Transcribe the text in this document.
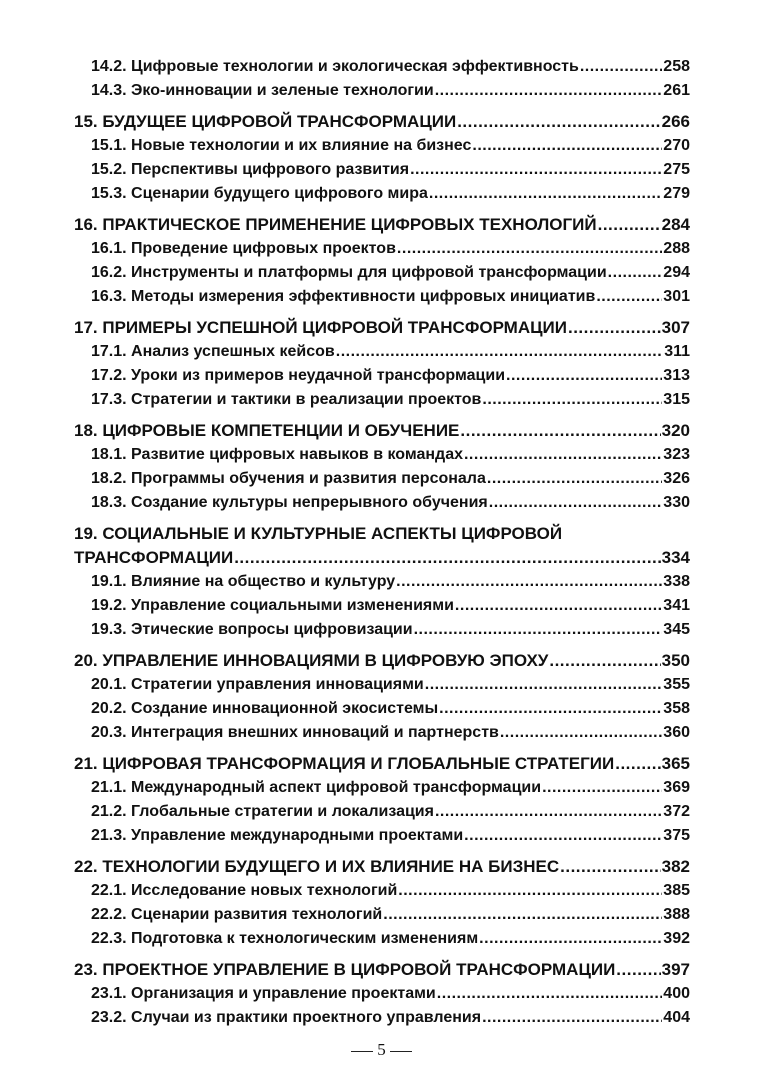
14.2. Цифровые технологии и экологическая эффективность .....	258
14.3. Эко-инновации и зеленые технологии .....	261
15. БУДУЩЕЕ ЦИФРОВОЙ ТРАНСФОРМАЦИИ .....	266
15.1. Новые технологии и их влияние на бизнес .....	270
15.2. Перспективы цифрового развития .....	275
15.3. Сценарии будущего цифрового мира .....	279
16. ПРАКТИЧЕСКОЕ ПРИМЕНЕНИЕ ЦИФРОВЫХ ТЕХНОЛОГИЙ .....	284
16.1. Проведение цифровых проектов .....	288
16.2. Инструменты и платформы для цифровой трансформации .....	294
16.3. Методы измерения эффективности цифровых инициатив .....	301
17. ПРИМЕРЫ УСПЕШНОЙ ЦИФРОВОЙ ТРАНСФОРМАЦИИ .....	307
17.1. Анализ успешных кейсов .....	311
17.2. Уроки из примеров неудачной трансформации .....	313
17.3. Стратегии и тактики в реализации проектов .....	315
18. ЦИФРОВЫЕ КОМПЕТЕНЦИИ И ОБУЧЕНИЕ .....	320
18.1. Развитие цифровых навыков в командах .....	323
18.2. Программы обучения и развития персонала .....	326
18.3. Создание культуры непрерывного обучения .....	330
19. СОЦИАЛЬНЫЕ И КУЛЬТУРНЫЕ АСПЕКТЫ ЦИФРОВОЙ
ТРАНСФОРМАЦИИ .....	334
19.1. Влияние на общество и культуру .....	338
19.2. Управление социальными изменениями .....	341
19.3. Этические вопросы цифровизации .....	345
20. УПРАВЛЕНИЕ ИННОВАЦИЯМИ В ЦИФРОВУЮ ЭПОХУ .....	350
20.1. Стратегии управления инновациями .....	355
20.2. Создание инновационной экосистемы .....	358
20.3. Интеграция внешних инноваций и партнерств .....	360
21. ЦИФРОВАЯ ТРАНСФОРМАЦИЯ И ГЛОБАЛЬНЫЕ СТРАТЕГИИ .....	365
21.1. Международный аспект цифровой трансформации .....	369
21.2. Глобальные стратегии и локализация .....	372
21.3. Управление международными проектами .....	375
22. ТЕХНОЛОГИИ БУДУЩЕГО И ИХ ВЛИЯНИЕ НА БИЗНЕС .....	382
22.1. Исследование новых технологий .....	385
22.2. Сценарии развития технологий .....	388
22.3. Подготовка к технологическим изменениям .....	392
23. ПРОЕКТНОЕ УПРАВЛЕНИЕ В ЦИФРОВОЙ ТРАНСФОРМАЦИИ .....	397
23.1. Организация и управление проектами .....	400
23.2. Случаи из практики проектного управления .....	404
5
